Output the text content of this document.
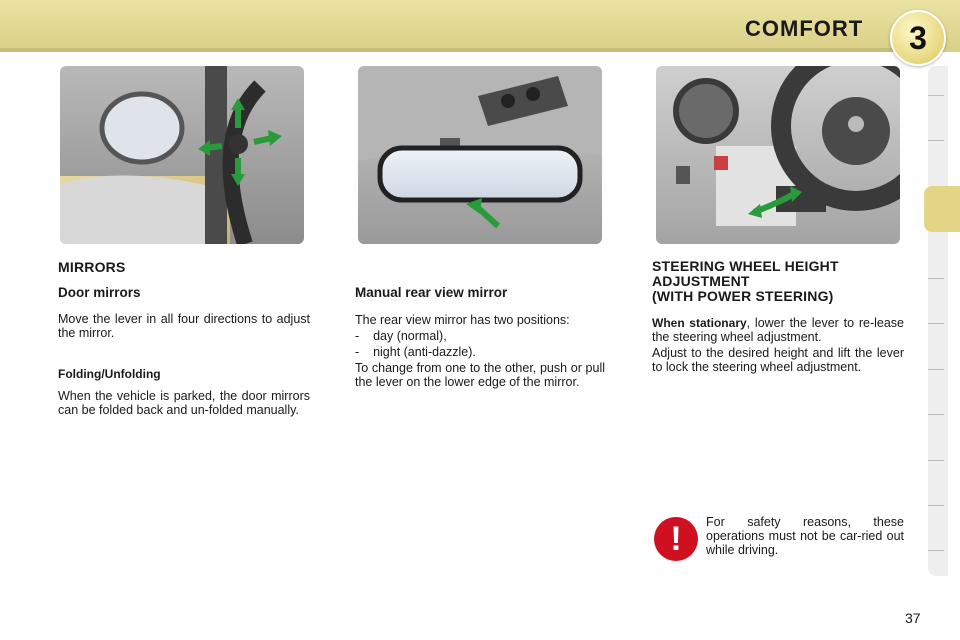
COMFORT	3
MIRRORS
Door mirrors
Move the lever in all four directions to adjust the mirror.
Folding/Unfolding
When the vehicle is parked, the door mirrors can be folded back and un-folded manually.
Manual rear view mirror
The rear view mirror has two positions:
-    day (normal),
-    night (anti-dazzle).
To change from one to the other, push or pull the lever on the lower edge of the mirror.
STEERING WHEEL HEIGHT
ADJUSTMENT
(WITH POWER STEERING)
When stationary, lower the lever to re-lease the steering wheel adjustment.
Adjust to the desired height and lift the lever to lock the steering wheel adjustment.
!	For safety reasons, these operations must not be car-ried out while driving.
37
